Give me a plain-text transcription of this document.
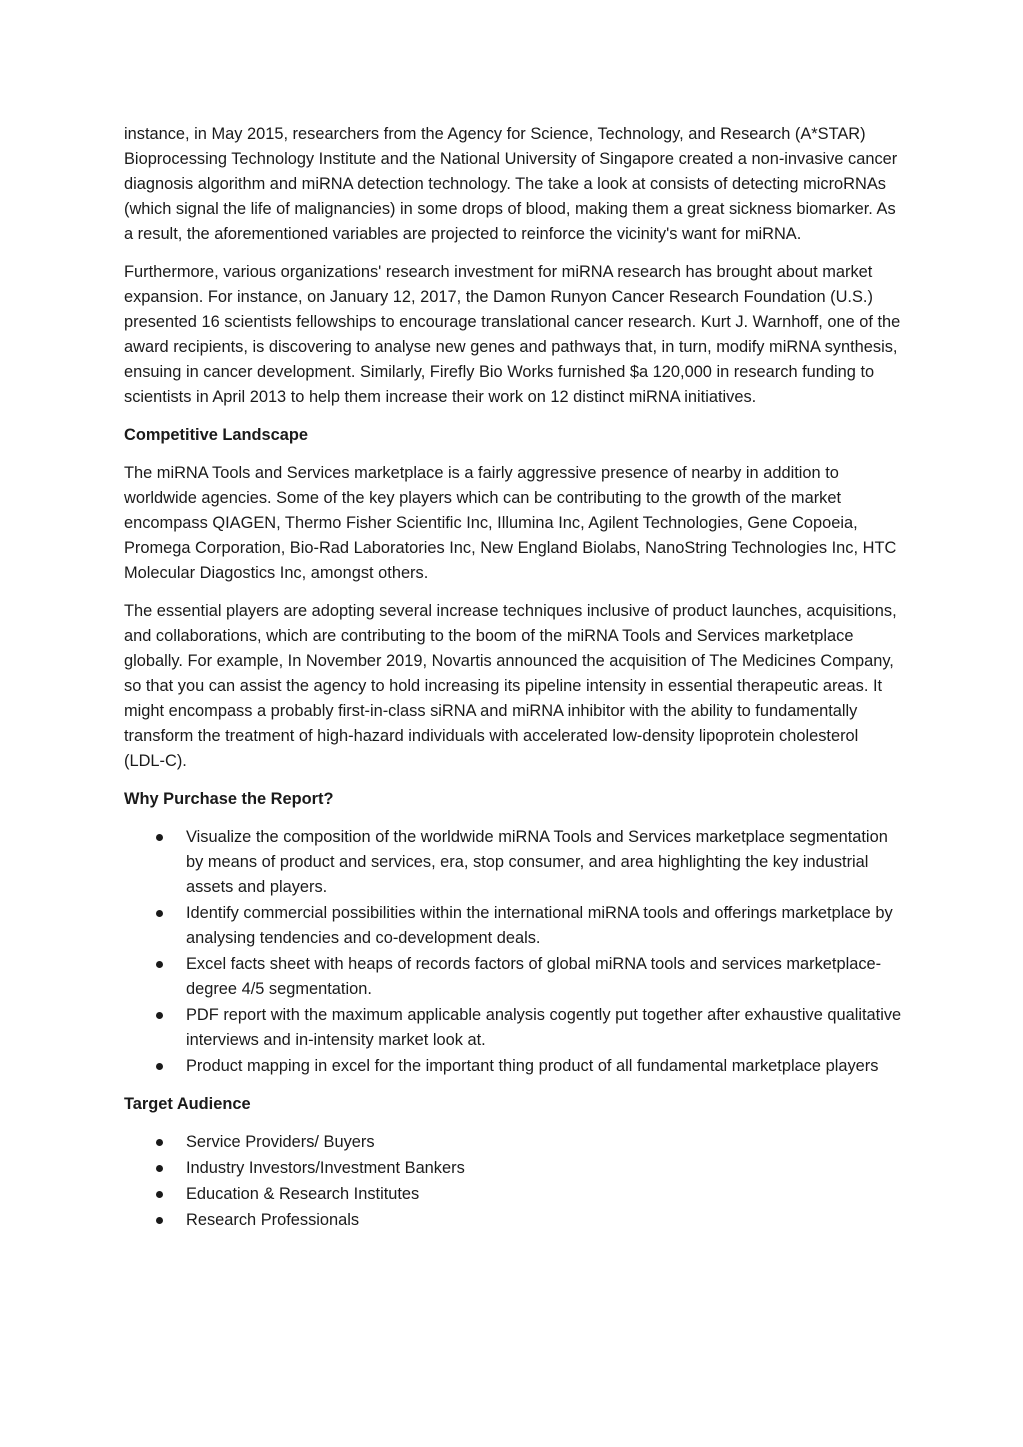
instance, in May 2015, researchers from the Agency for Science, Technology, and Research (A*STAR) Bioprocessing Technology Institute and the National University of Singapore created a non-invasive cancer diagnosis algorithm and miRNA detection technology. The take a look at consists of detecting microRNAs (which signal the life of malignancies) in some drops of blood, making them a great sickness biomarker. As a result, the aforementioned variables are projected to reinforce the vicinity's want for miRNA.

Furthermore, various organizations' research investment for miRNA research has brought about market expansion. For instance, on January 12, 2017, the Damon Runyon Cancer Research Foundation (U.S.) presented 16 scientists fellowships to encourage translational cancer research. Kurt J. Warnhoff, one of the award recipients, is discovering to analyse new genes and pathways that, in turn, modify miRNA synthesis, ensuing in cancer development. Similarly, Firefly Bio Works furnished $a 120,000 in research funding to scientists in April 2013 to help them increase their work on 12 distinct miRNA initiatives.

Competitive Landscape

The miRNA Tools and Services marketplace is a fairly aggressive presence of nearby in addition to worldwide agencies. Some of the key players which can be contributing to the growth of the market encompass QIAGEN, Thermo Fisher Scientific Inc, Illumina Inc, Agilent Technologies, Gene Copoeia, Promega Corporation, Bio-Rad Laboratories Inc, New England Biolabs, NanoString Technologies Inc, HTC Molecular Diagostics Inc, amongst others.

The essential players are adopting several increase techniques inclusive of product launches, acquisitions, and collaborations, which are contributing to the boom of the miRNA Tools and Services marketplace globally. For example, In November 2019, Novartis announced the acquisition of The Medicines Company, so that you can assist the agency to hold increasing its pipeline intensity in essential therapeutic areas. It might encompass a probably first-in-class siRNA and miRNA inhibitor with the ability to fundamentally transform the treatment of high-hazard individuals with accelerated low-density lipoprotein cholesterol (LDL-C).

Why Purchase the Report?
Visualize the composition of the worldwide miRNA Tools and Services marketplace segmentation by means of product and services, era, stop consumer, and area highlighting the key industrial assets and players.
Identify commercial possibilities within the international miRNA tools and offerings marketplace by analysing tendencies and co-development deals.
Excel facts sheet with heaps of records factors of global miRNA tools and services marketplace-degree 4/5 segmentation.
PDF report with the maximum applicable analysis cogently put together after exhaustive qualitative interviews and in-intensity market look at.
Product mapping in excel for the important thing product of all fundamental marketplace players
Target Audience
Service Providers/ Buyers
Industry Investors/Investment Bankers
Education & Research Institutes
Research Professionals
